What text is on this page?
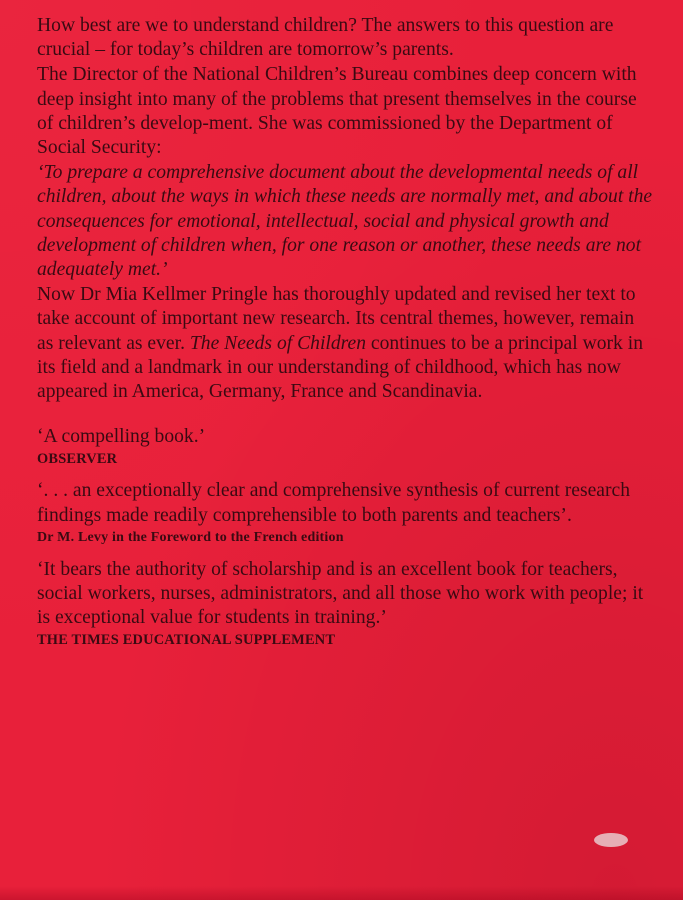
How best are we to understand children? The answers to this question are crucial – for today’s children are tomorrow’s parents.

The Director of the National Children’s Bureau combines deep concern with deep insight into many of the problems that present themselves in the course of children’s develop-ment. She was commissioned by the Department of Social Security:

‘To prepare a comprehensive document about the developmental needs of all children, about the ways in which these needs are normally met, and about the consequences for emotional, intellectual, social and physical growth and development of children when, for one reason or another, these needs are not adequately met.’

Now Dr Mia Kellmer Pringle has thoroughly updated and revised her text to take account of important new research. Its central themes, however, remain as relevant as ever. The Needs of Children continues to be a principal work in its field and a landmark in our understanding of childhood, which has now appeared in America, Germany, France and Scandinavia.

‘A compelling book.’

OBSERVER

‘. . . an exceptionally clear and comprehensive synthesis of current research findings made readily comprehensible to both parents and teachers’.

Dr M. Levy in the Foreword to the French edition

‘It bears the authority of scholarship and is an excellent book for teachers, social workers, nurses, administrators, and all those who work with people; it is exceptional value for students in training.’

THE TIMES EDUCATIONAL SUPPLEMENT
